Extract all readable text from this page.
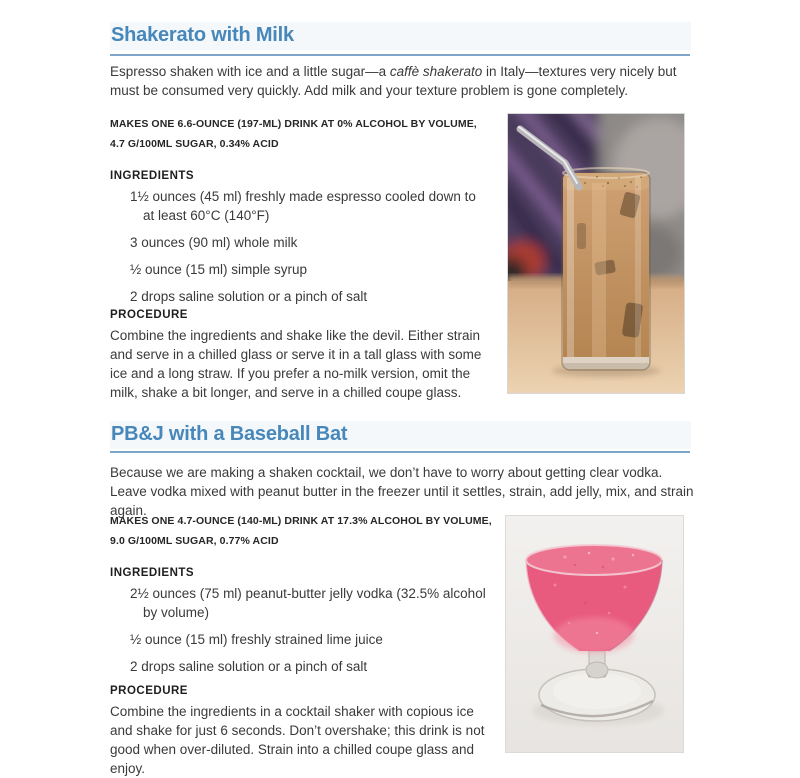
Shakerato with Milk

Espresso shaken with ice and a little sugar—a caffè shakerato in Italy—textures very nicely but must be consumed very quickly. Add milk and your texture problem is gone completely.

MAKES ONE 6.6-OUNCE (197-ML) DRINK AT 0% ALCOHOL BY VOLUME, 4.7 G/100ML SUGAR, 0.34% ACID

INGREDIENTS
1½ ounces (45 ml) freshly made espresso cooled down to at least 60°C (140°F)
3 ounces (90 ml) whole milk
½ ounce (15 ml) simple syrup
2 drops saline solution or a pinch of salt
PROCEDURE

Combine the ingredients and shake like the devil. Either strain and serve in a chilled glass or serve it in a tall glass with some ice and a long straw. If you prefer a no-milk version, omit the milk, shake a bit longer, and serve in a chilled coupe glass.

PB&J with a Baseball Bat

Because we are making a shaken cocktail, we don’t have to worry about getting clear vodka. Leave vodka mixed with peanut butter in the freezer until it settles, strain, add jelly, mix, and strain again.

MAKES ONE 4.7-OUNCE (140-ML) DRINK AT 17.3% ALCOHOL BY VOLUME, 9.0 G/100ML SUGAR, 0.77% ACID

INGREDIENTS
2½ ounces (75 ml) peanut-butter jelly vodka (32.5% alcohol by volume)
½ ounce (15 ml) freshly strained lime juice
2 drops saline solution or a pinch of salt
PROCEDURE

Combine the ingredients in a cocktail shaker with copious ice and shake for just 6 seconds. Don’t overshake; this drink is not good when over-diluted. Strain into a chilled coupe glass and enjoy.
